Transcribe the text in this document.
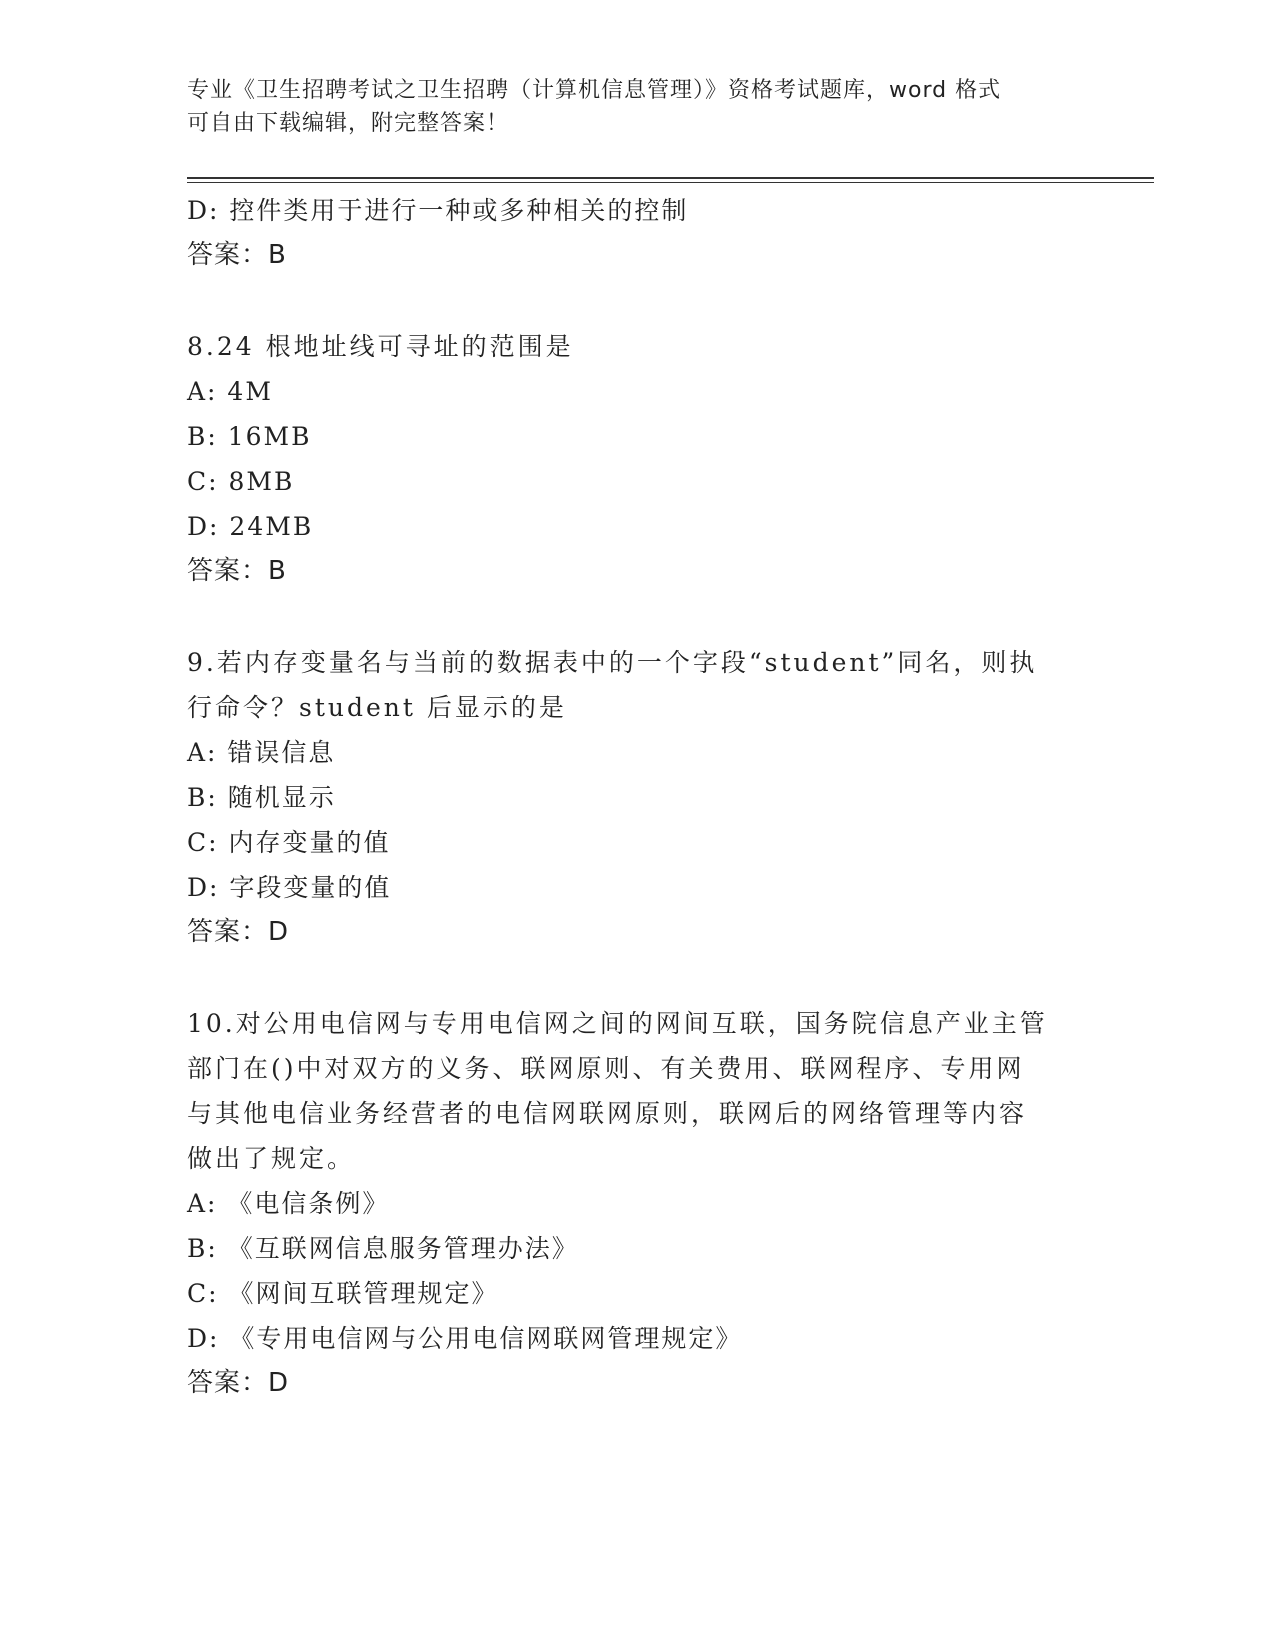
专业《卫生招聘考试之卫生招聘（计算机信息管理）》资格考试题库，word 格式
可自由下载编辑，附完整答案！
D: 控件类用于进行一种或多种相关的控制
答案：B
8.24 根地址线可寻址的范围是
A: 4M
B: 16MB
C: 8MB
D: 24MB
答案：B
9.若内存变量名与当前的数据表中的一个字段“student”同名，则执
行命令？student 后显示的是
A: 错误信息
B: 随机显示
C: 内存变量的值
D: 字段变量的值
答案：D
10.对公用电信网与专用电信网之间的网间互联，国务院信息产业主管
部门在()中对双方的义务、联网原则、有关费用、联网程序、专用网
与其他电信业务经营者的电信网联网原则，联网后的网络管理等内容
做出了规定。
A: 《电信条例》
B: 《互联网信息服务管理办法》
C: 《网间互联管理规定》
D: 《专用电信网与公用电信网联网管理规定》
答案：D
